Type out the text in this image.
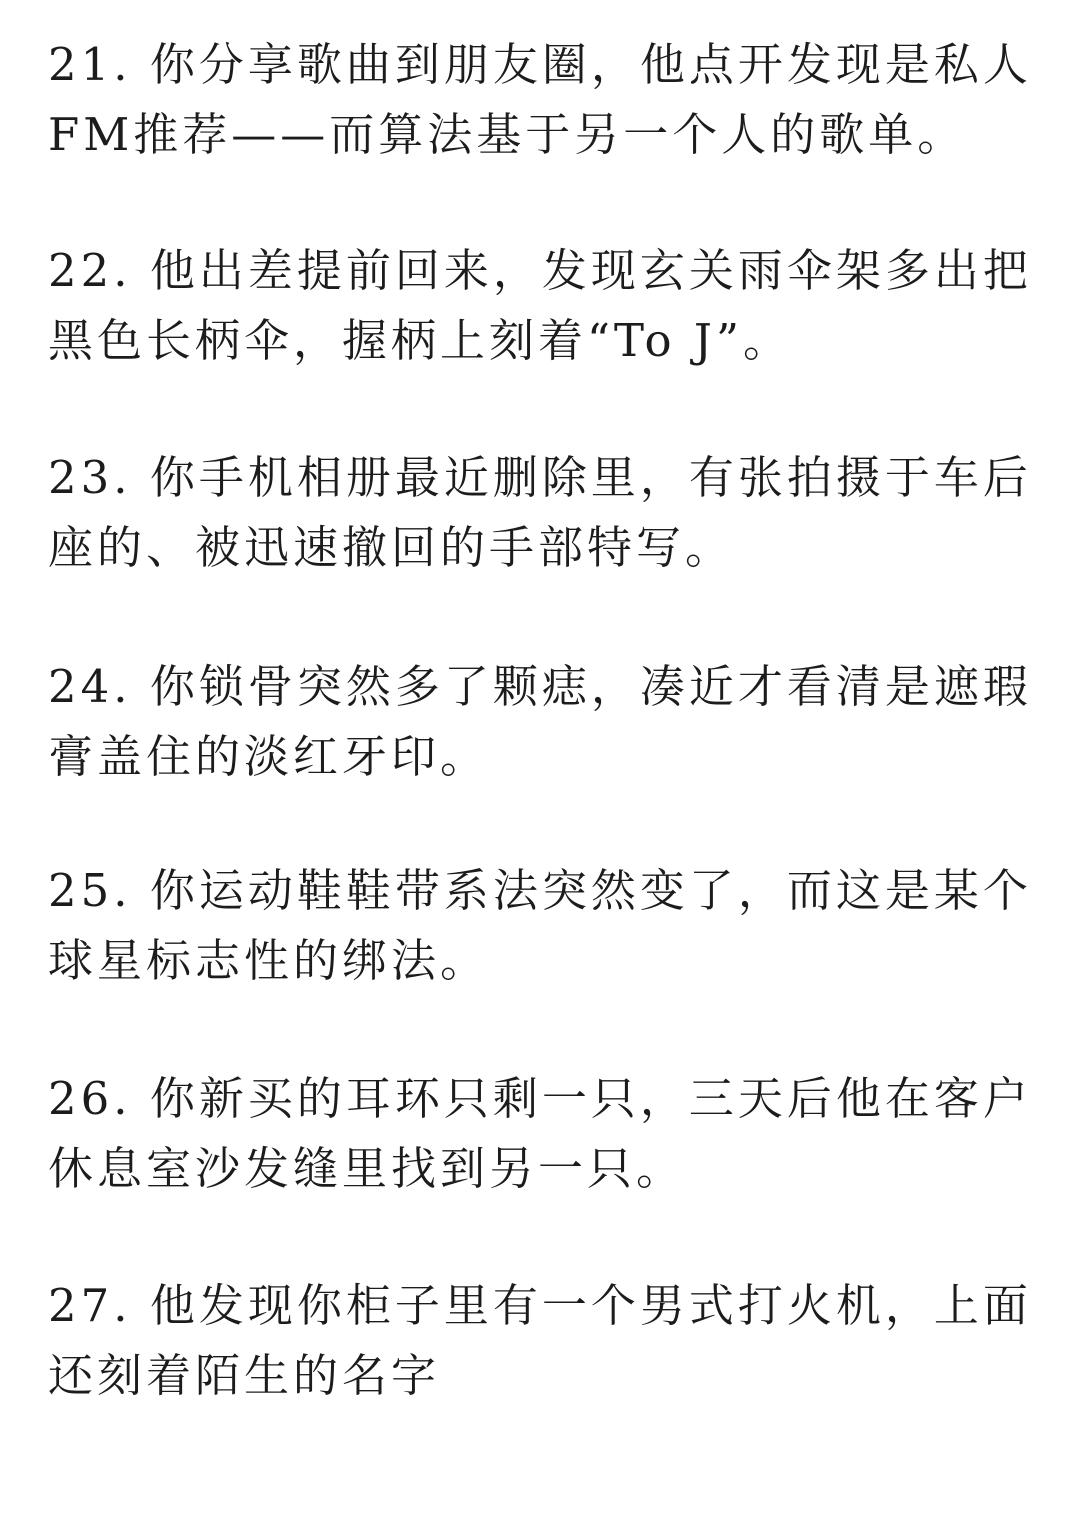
21. 你分享歌曲到朋友圈，他点开发现是私人
FM推荐——而算法基于另一个人的歌单。
22. 他出差提前回来，发现玄关雨伞架多出把
黑色长柄伞，握柄上刻着“To J”。
23. 你手机相册最近删除里，有张拍摄于车后
座的、被迅速撤回的手部特写。
24. 你锁骨突然多了颗痣，凑近才看清是遮瑕
膏盖住的淡红牙印。
25. 你运动鞋鞋带系法突然变了，而这是某个
球星标志性的绑法。
26. 你新买的耳环只剩一只，三天后他在客户
休息室沙发缝里找到另一只。
27. 他发现你柜子里有一个男式打火机，上面
还刻着陌生的名字
